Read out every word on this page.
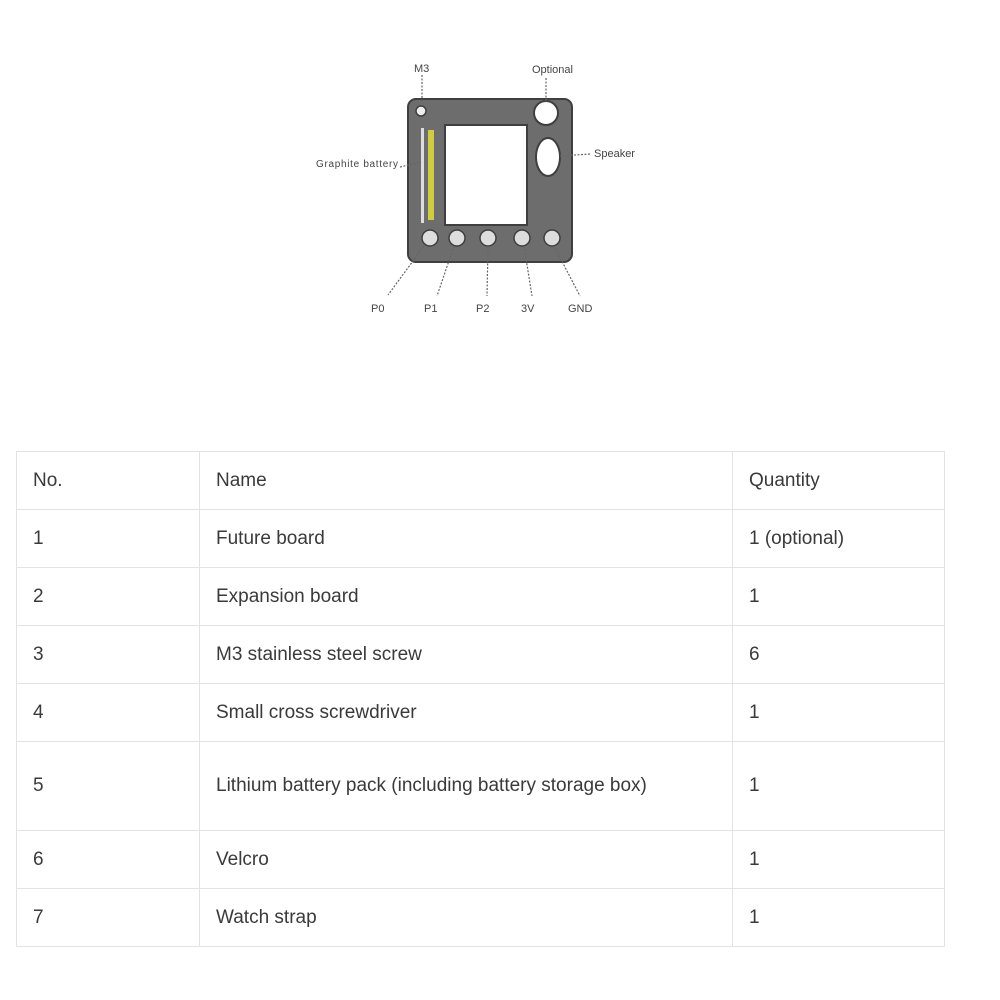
M3	Optional
Graphite battery
Speaker
P0	P1	P2	3V	GND
No.	Name	Quantity
1	Future board	1 (optional)
2	Expansion board	1
3	M3 stainless steel screw	6
4	Small cross screwdriver	1
5	Lithium battery pack (including battery storage box)	1
6	Velcro	1
7	Watch strap	1
